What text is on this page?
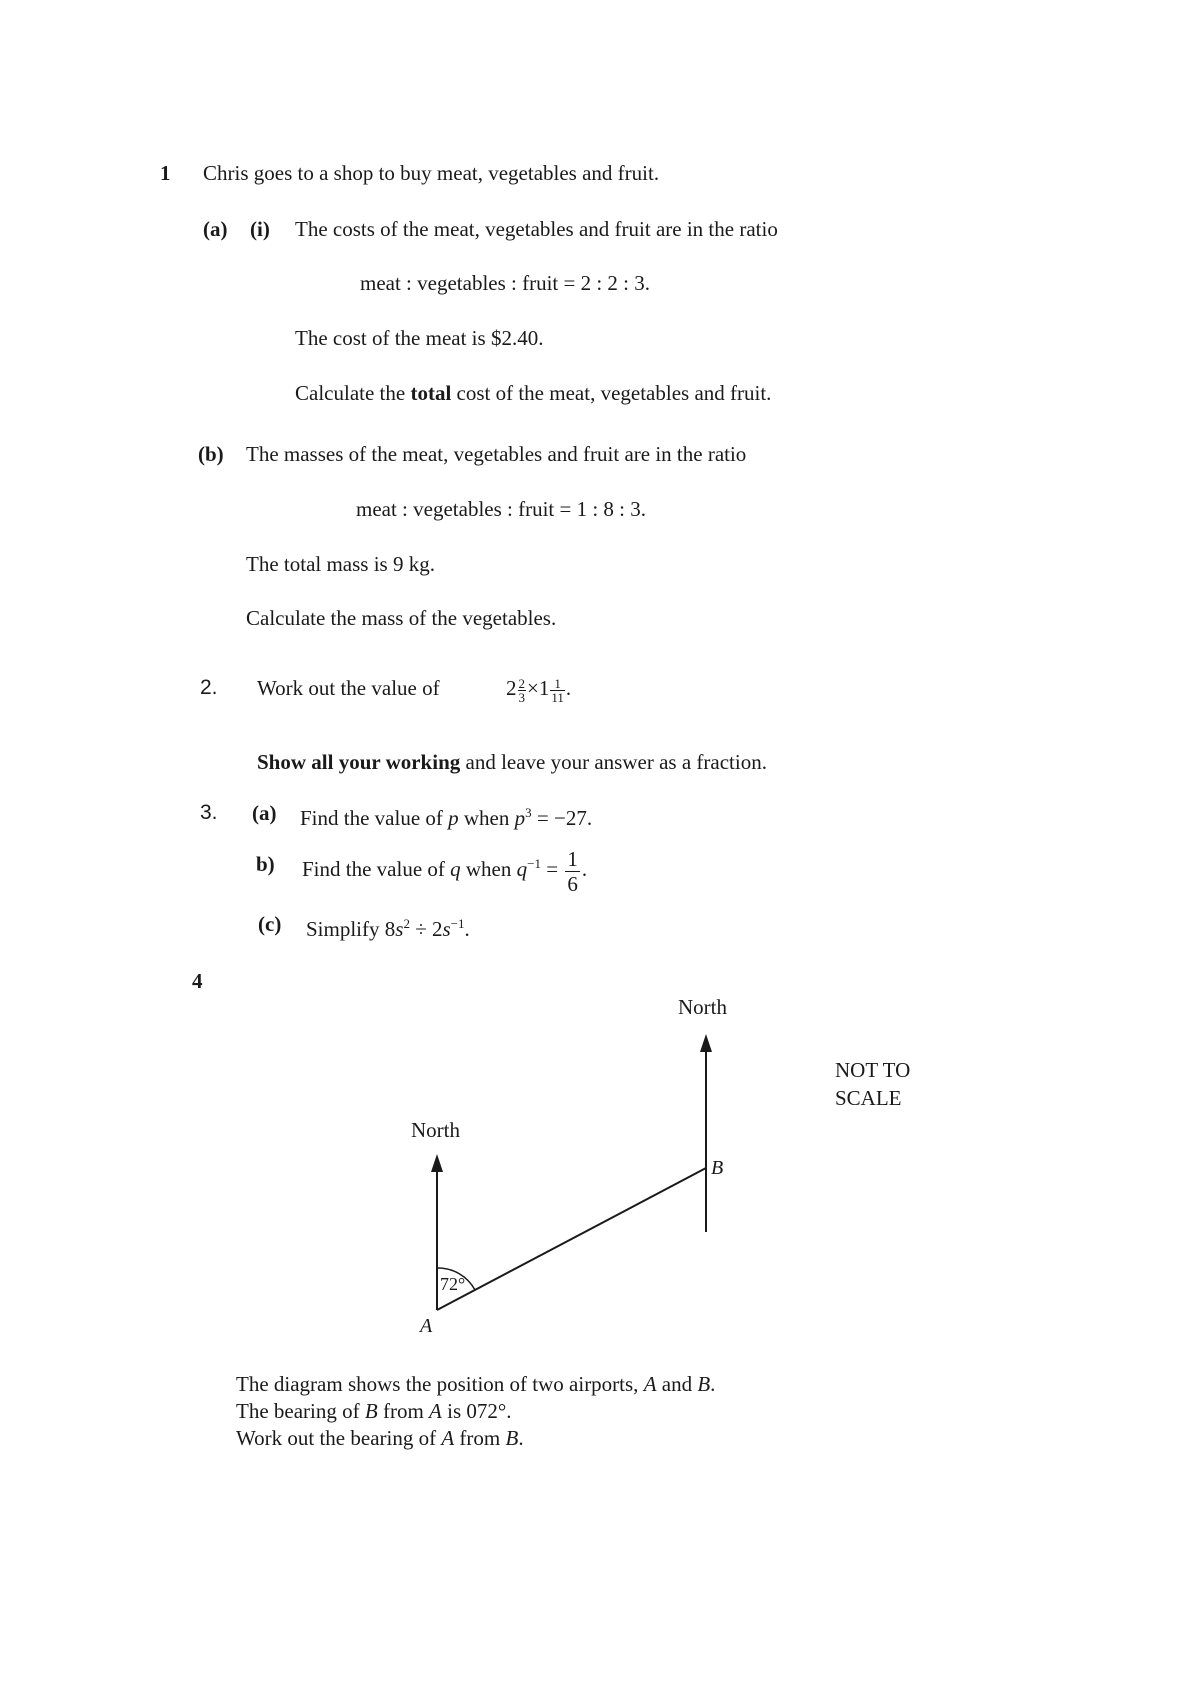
1 Chris goes to a shop to buy meat, vegetables and fruit.
(a) (i) The costs of the meat, vegetables and fruit are in the ratio
meat : vegetables : fruit = 2 : 2 : 3.
The cost of the meat is $2.40.
Calculate the total cost of the meat, vegetables and fruit.
(b) The masses of the meat, vegetables and fruit are in the ratio
meat : vegetables : fruit = 1 : 8 : 3.
The total mass is 9 kg.
Calculate the mass of the vegetables.
2. Work out the value of	$2 \frac{2}{3} \times 1 \frac{1}{11}$ .
Show all your working and leave your answer as a fraction.
3. (a) Find the value of p when $p^3 = -27$.
b) Find the value of q when $q^{-1} = \frac{1}{6}$ .
(c) Simplify $8s^2 \div 2s^{-1}$.
4
North
North
72°
A
B
NOT TO
SCALE
The diagram shows the position of two airports, A and B.
The bearing of B from A is 072°.
Work out the bearing of A from B.
